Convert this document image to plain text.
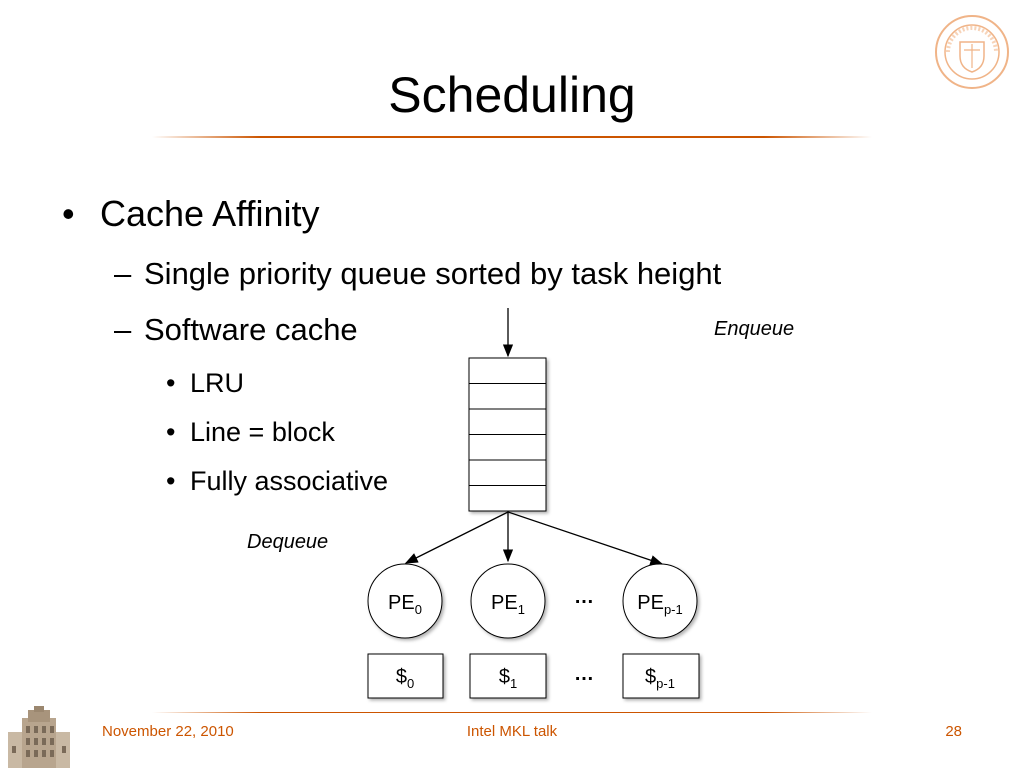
Scheduling
• Cache Affinity
– Single priority queue sorted by task height
– Software cache
• LRU
• Line = block
• Fully associative
Enqueue
Dequeue
$PE_0$	$PE_1$	$PE_{p-1}$
…
$\$_0$	$\$_1$	$\$_{p-1}$
…
November 22, 2010	Intel MKL talk	28
